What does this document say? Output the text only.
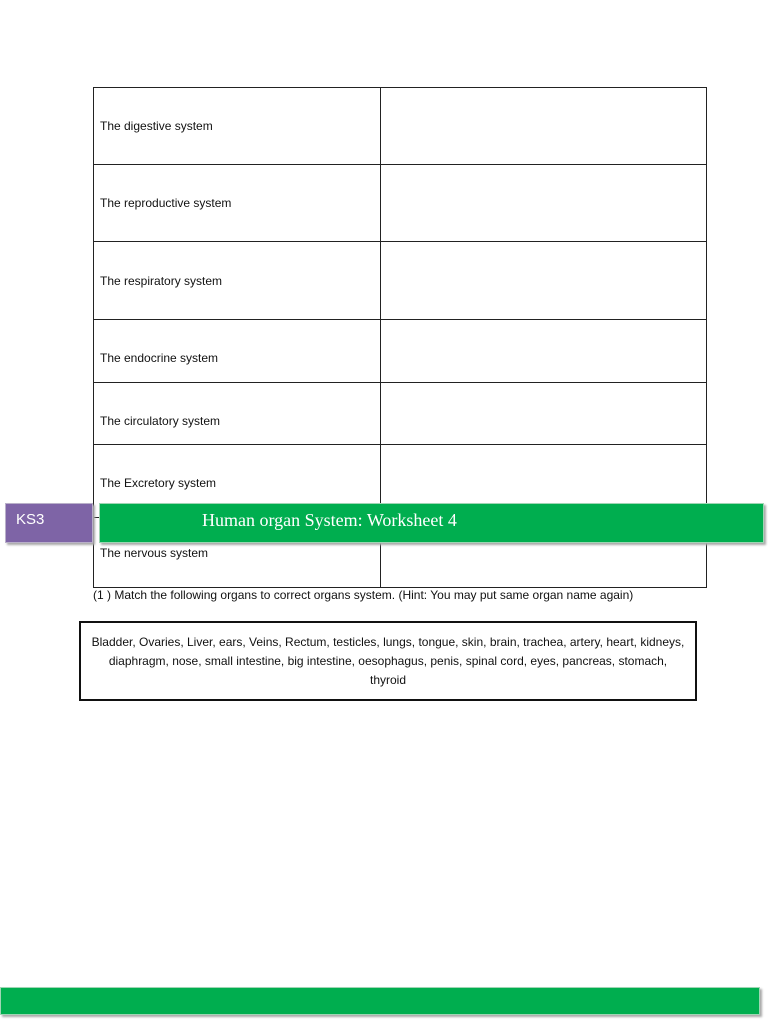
The digestive system	
The reproductive system	
The respiratory system	
The endocrine system	
The circulatory system	
The Excretory system	
The nervous system	
KS3	Human organ System: Worksheet 4
(1 ) Match the following organs to correct organs system. (Hint: You may put same organ name again)
Bladder, Ovaries, Liver, ears, Veins, Rectum, testicles, lungs, tongue, skin, brain, trachea, artery, heart, kidneys, diaphragm, nose, small intestine, big intestine, oesophagus, penis, spinal cord, eyes, pancreas, stomach, thyroid
